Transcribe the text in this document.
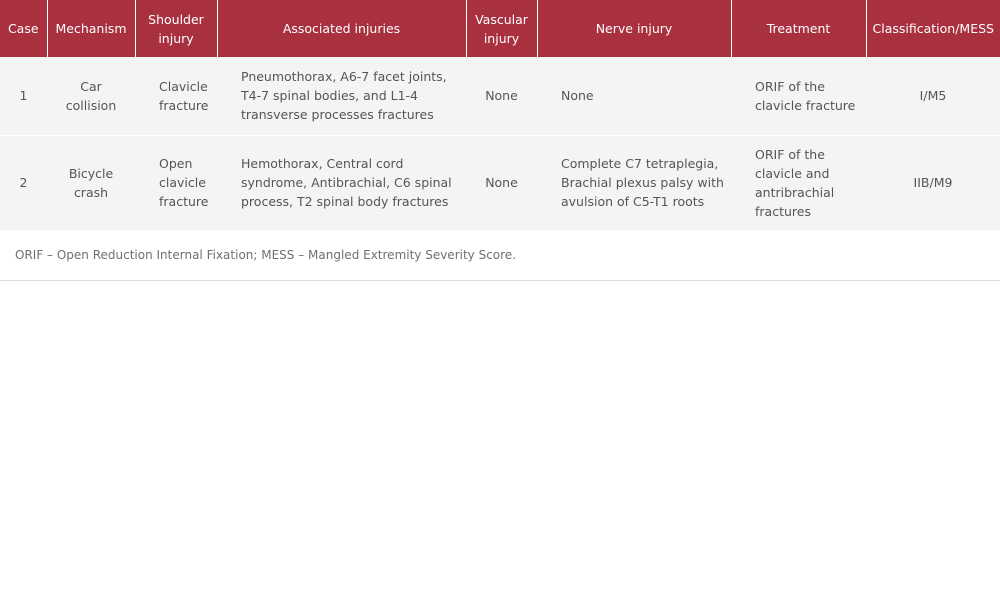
Case	Mechanism	Shoulder injury	Associated injuries	Vascular injury	Nerve injury	Treatment	Classification/MESS
1	Car collision	Clavicle fracture	Pneumothorax, A6-7 facet joints, T4-7 spinal bodies, and L1-4 transverse processes fractures	None	None	ORIF of the clavicle fracture	I/M5
2	Bicycle crash	Open clavicle fracture	Hemothorax, Central cord syndrome, Antibrachial, C6 spinal process, T2 spinal body fractures	None	Complete C7 tetraplegia, Brachial plexus palsy with avulsion of C5-T1 roots	ORIF of the clavicle and antribrachial fractures	IIB/M9
ORIF – Open Reduction Internal Fixation; MESS – Mangled Extremity Severity Score.
